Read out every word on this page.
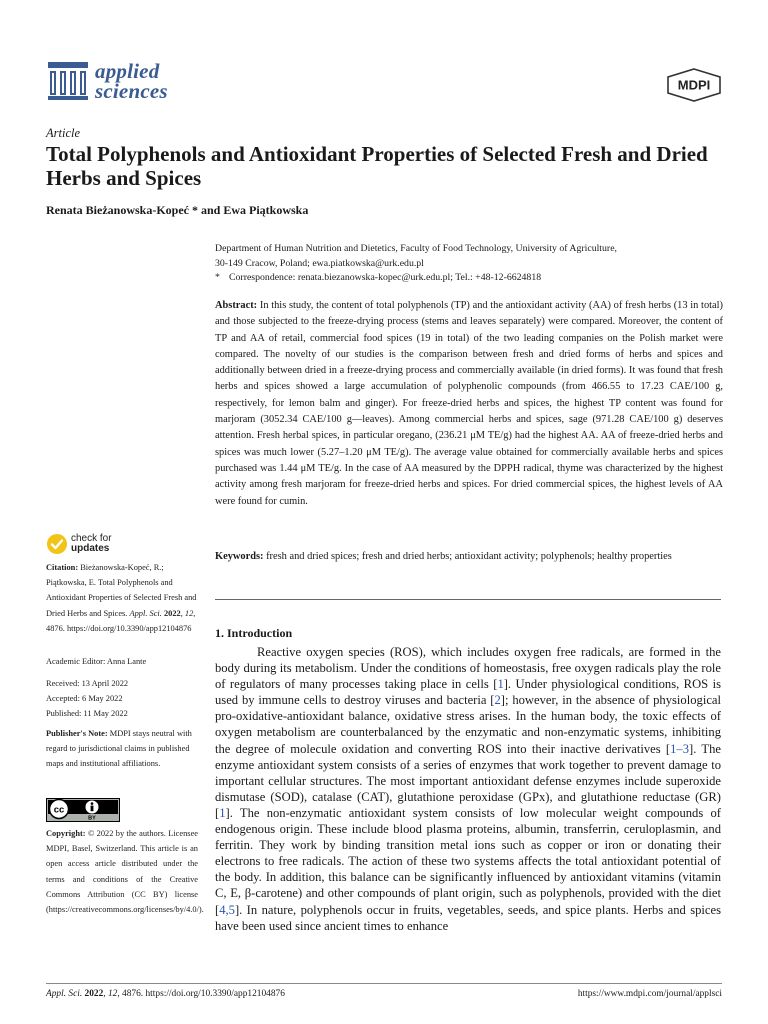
applied
sciences	MDPI
Article
Total Polyphenols and Antioxidant Properties of Selected Fresh and Dried Herbs and Spices
Renata Bieżanowska-Kopeć * and Ewa Piątkowska
Department of Human Nutrition and Dietetics, Faculty of Food Technology, University of Agriculture,
30-149 Cracow, Poland; ewa.piatkowska@urk.edu.pl
* Correspondence: renata.biezanowska-kopec@urk.edu.pl; Tel.: +48-12-6624818
Abstract: In this study, the content of total polyphenols (TP) and the antioxidant activity (AA) of fresh herbs (13 in total) and those subjected to the freeze-drying process (stems and leaves separately) were compared. Moreover, the content of TP and AA of retail, commercial food spices (19 in total) of the two leading companies on the Polish market were compared. The novelty of our studies is the comparison between fresh and dried forms of herbs and spices and additionally between dried in a freeze-drying process and commercially available (in dried forms). It was found that fresh herbs and spices showed a large accumulation of polyphenolic compounds (from 466.55 to 17.23 CAE/100 g, respectively, for lemon balm and ginger). For freeze-dried herbs and spices, the highest TP content was found for marjoram (3052.34 CAE/100 g—leaves). Among commercial herbs and spices, sage (971.28 CAE/100 g) deserves attention. Fresh herbal spices, in particular oregano, (236.21 μM TE/g) had the highest AA. AA of freeze-dried herbs and spices was much lower (5.27–1.20 μM TE/g). The average value obtained for commercially available herbs and spices purchased was 1.44 μM TE/g. In the case of AA measured by the DPPH radical, thyme was characterized by the highest activity among fresh marjoram for freeze-dried herbs and spices. For dried commercial spices, the highest levels of AA were found for cumin.
Keywords: fresh and dried spices; fresh and dried herbs; antioxidant activity; polyphenols; healthy properties
1. Introduction
Reactive oxygen species (ROS), which includes oxygen free radicals, are formed in the body during its metabolism. Under the conditions of homeostasis, free oxygen radicals play the role of regulators of many processes taking place in cells [1]. Under physiological conditions, ROS is used by immune cells to destroy viruses and bacteria [2]; however, in the absence of physiological pro-oxidative-antioxidant balance, oxidative stress arises. In the human body, the toxic effects of oxygen metabolism are counterbalanced by the enzymatic and non-enzymatic systems, inhibiting the degree of molecule oxidation and converting ROS into their inactive derivatives [1–3]. The enzyme antioxidant system consists of a series of enzymes that work together to prevent damage to important cellular structures. The most important antioxidant defense enzymes include superoxide dismutase (SOD), catalase (CAT), glutathione peroxidase (GPx), and glutathione reductase (GR) [1]. The non-enzymatic antioxidant system consists of low molecular weight compounds of endogenous origin. These include blood plasma proteins, albumin, transferrin, ceruloplasmin, and ferritin. They work by binding transition metal ions such as copper or iron or donating their electrons to free radicals. The action of these two systems affects the total antioxidant potential of the body. In addition, this balance can be significantly influenced by antioxidant vitamins (vitamin C, E, β-carotene) and other compounds of plant origin, such as polyphenols, provided with the diet [4,5]. In nature, polyphenols occur in fruits, vegetables, seeds, and spice plants. Herbs and spices have been used since ancient times to enhance
check for
updates
Citation: Bieżanowska-Kopeć, R.; Piątkowska, E. Total Polyphenols and Antioxidant Properties of Selected Fresh and Dried Herbs and Spices. Appl. Sci. 2022, 12, 4876. https://doi.org/10.3390/app12104876
Academic Editor: Anna Lante
Received: 13 April 2022
Accepted: 6 May 2022
Published: 11 May 2022
Publisher's Note: MDPI stays neutral with regard to jurisdictional claims in published maps and institutional affiliations.
cc
BY
Copyright: © 2022 by the authors. Licensee MDPI, Basel, Switzerland. This article is an open access article distributed under the terms and conditions of the Creative Commons Attribution (CC BY) license (https://creativecommons.org/licenses/by/4.0/).
Appl. Sci. 2022, 12, 4876. https://doi.org/10.3390/app12104876	https://www.mdpi.com/journal/applsci
